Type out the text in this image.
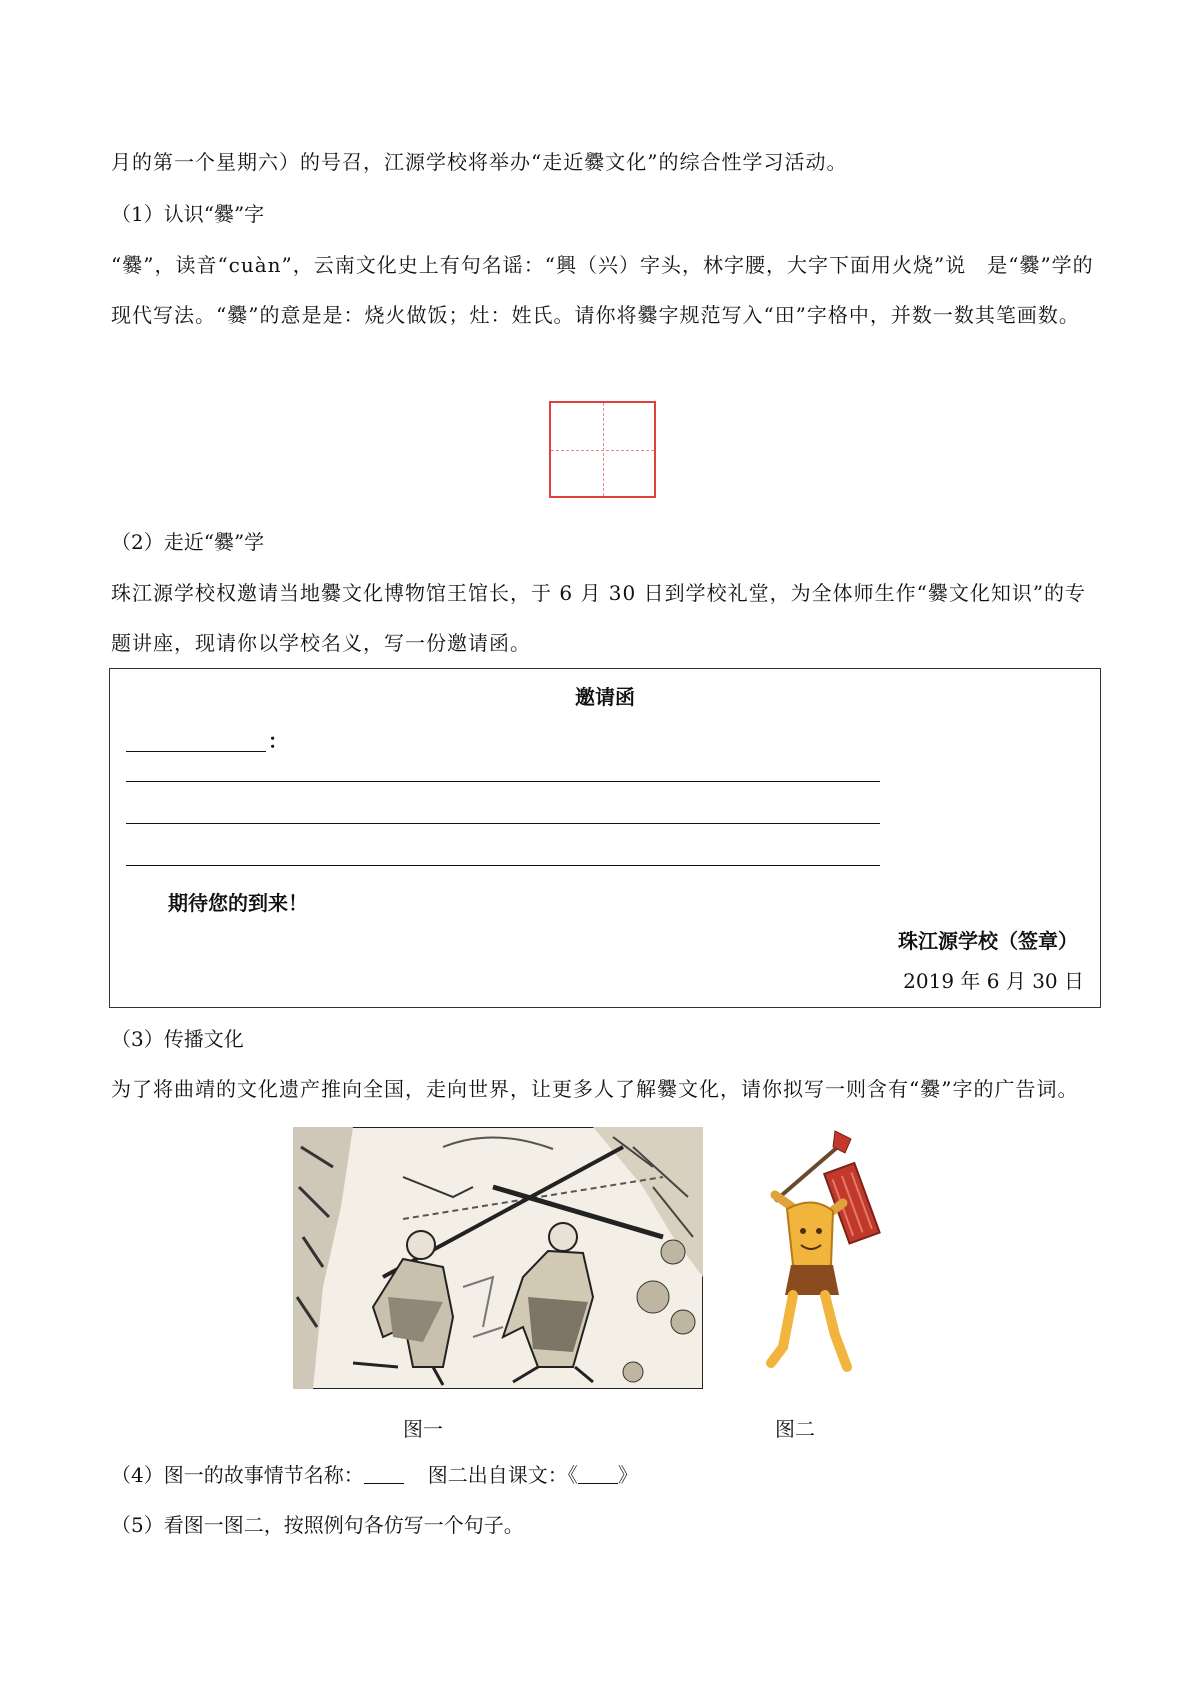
月的第一个星期六）的号召，江源学校将举办“走近爨文化”的综合性学习活动。
（1）认识“爨”字
“爨”，读音“cuàn”，云南文化史上有句名谣：“興（兴）字头，林字腰，大字下面用火烧”说　是“爨”学的现代写法。“爨”的意是是：烧火做饭；灶：姓氏。请你将爨字规范写入“田”字格中，并数一数其笔画数。
（2）走近“爨”学
珠江源学校权邀请当地爨文化博物馆王馆长，于 6 月 30 日到学校礼堂，为全体师生作“爨文化知识”的专题讲座，现请你以学校名义，写一份邀请函。
邀请函
：
期待您的到来！
珠江源学校（签章）
2019 年 6 月 30 日
（3）传播文化
为了将曲靖的文化遗产推向全国，走向世界，让更多人了解爨文化，请你拟写一则含有“爨”字的广告词。
图一	图二
（4）图一的故事情节名称：	图二出自课文：《 》
（5）看图一图二，按照例句各仿写一个句子。
